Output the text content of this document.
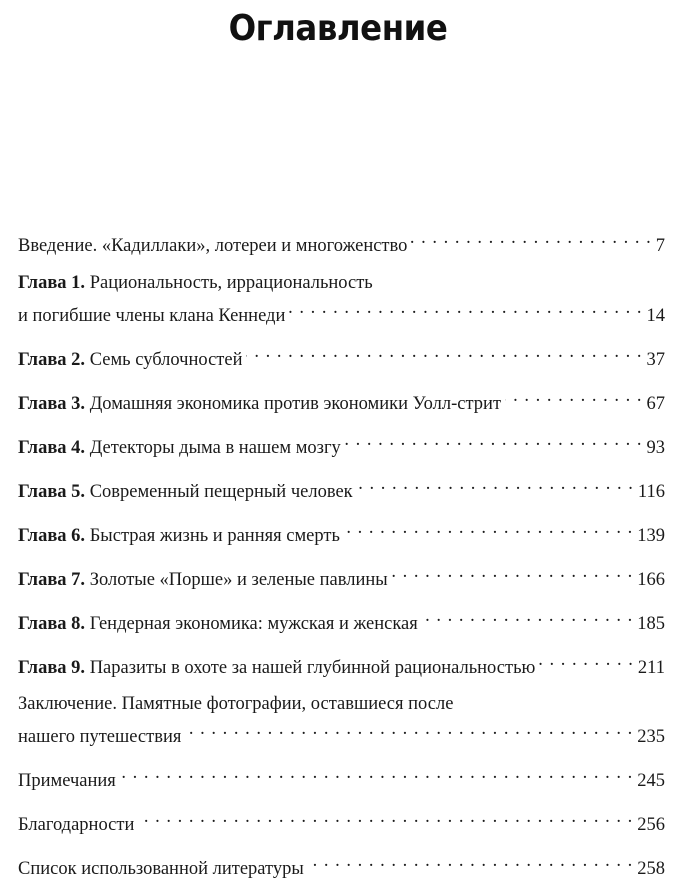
Оглавление
Введение. «Кадиллаки», лотереи и многоженство . . .	7
Глава 1. Рациональность, иррациональность
и погибшие члены клана Кеннеди . . .	14
Глава 2. Семь сублочностей . . .	37
Глава 3. Домашняя экономика против экономики Уолл-стрит . . .	67
Глава 4. Детекторы дыма в нашем мозгу . . .	93
Глава 5. Современный пещерный человек . . .	116
Глава 6. Быстрая жизнь и ранняя смерть . . .	139
Глава 7. Золотые «Порше» и зеленые павлины . . .	166
Глава 8. Гендерная экономика: мужская и женская . . .	185
Глава 9. Паразиты в охоте за нашей глубинной рациональностью . . .	211
Заключение. Памятные фотографии, оставшиеся после
нашего путешествия . . .	235
Примечания . . .	245
Благодарности . . .	256
Список использованной литературы . . .	258
